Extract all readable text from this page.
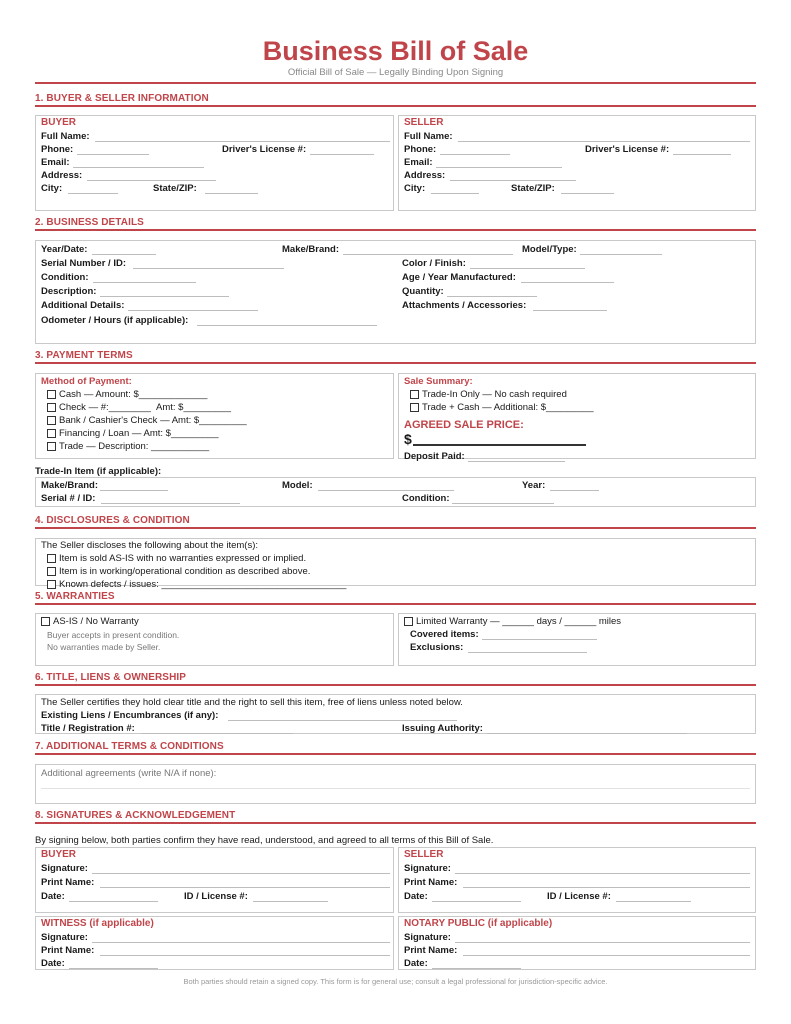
Business Bill of Sale
Official Bill of Sale — Legally Binding Upon Signing
1. BUYER & SELLER INFORMATION
BUYER
Full Name:
Phone:	Driver's License #:
Email:
Address:
City:	State/ZIP:
SELLER
Full Name:
Phone:	Driver's License #:
Email:
Address:
City:	State/ZIP:
2. BUSINESS DETAILS
Year/Date:	Make/Brand:	Model/Type:
Serial Number / ID:	Color / Finish:
Condition:	Age / Year Manufactured:
Description:	Quantity:
Additional Details:	Attachments / Accessories:
Odometer / Hours (if applicable):
3. PAYMENT TERMS
Method of Payment:
Cash — Amount: $_____________
Check — #:________ Amt: $_________
Bank / Cashier's Check — Amt: $_________
Financing / Loan — Amt: $_________
Trade — Description: ___________
Sale Summary:
Trade-In Only — No cash required
Trade + Cash — Additional: $_________
AGREED SALE PRICE:
$
Deposit Paid:
Trade-In Item (if applicable):
Make/Brand:	Model:	Year:
Serial # / ID:	Condition:
4. DISCLOSURES & CONDITION
The Seller discloses the following about the item(s):
Item is sold AS-IS with no warranties expressed or implied.
Item is in working/operational condition as described above.
Known defects / issues: ___________________________________
5. WARRANTIES
AS-IS / No Warranty
Buyer accepts in present condition.
No warranties made by Seller.
Limited Warranty — ______ days / ______ miles
Covered items:
Exclusions:
6. TITLE, LIENS & OWNERSHIP
The Seller certifies they hold clear title and the right to sell this item, free of liens unless noted below.
Existing Liens / Encumbrances (if any):
Title / Registration #:	Issuing Authority:
7. ADDITIONAL TERMS & CONDITIONS
Additional agreements (write N/A if none):
8. SIGNATURES & ACKNOWLEDGEMENT
By signing below, both parties confirm they have read, understood, and agreed to all terms of this Bill of Sale.
BUYER
Signature:
Print Name:
Date:	ID / License #:
SELLER
Signature:
Print Name:
Date:	ID / License #:
WITNESS (if applicable)
Signature:
Print Name:
Date:
NOTARY PUBLIC (if applicable)
Signature:
Print Name:
Date:
Both parties should retain a signed copy. This form is for general use; consult a legal professional for jurisdiction-specific advice.
